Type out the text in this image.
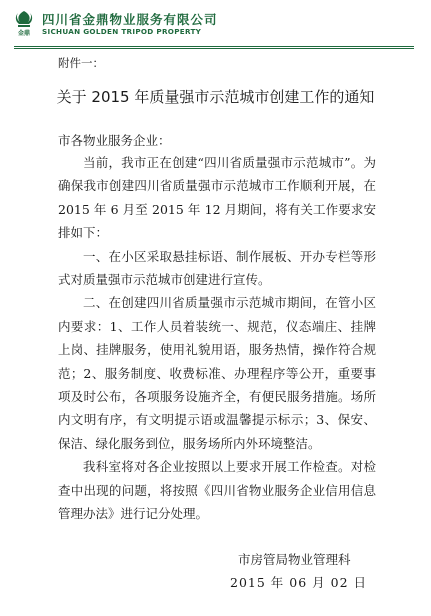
金鼎
四川省金鼎物业服务有限公司
SICHUAN GOLDEN TRIPOD PROPERTY
附件一：
关于 2015 年质量强市示范城市创建工作的通知
市各物业服务企业：

当前，我市正在创建“四川省质量强市示范城市”。为确保我市创建四川省质量强市示范城市工作顺利开展，在 2015 年 6 月至 2015 年 12 月期间，将有关工作要求安排如下：

一、在小区采取悬挂标语、制作展板、开办专栏等形式对质量强市示范城市创建进行宣传。

二、在创建四川省质量强市示范城市期间，在管小区内要求：1、工作人员着装统一、规范，仪态端庄、挂牌上岗、挂牌服务，使用礼貌用语，服务热情，操作符合规范；2、服务制度、收费标准、办理程序等公开，重要事项及时公布，各项服务设施齐全，有便民服务措施。场所内文明有序，有文明提示语或温馨提示标示；3、保安、保洁、绿化服务到位，服务场所内外环境整洁。

我科室将对各企业按照以上要求开展工作检查。对检查中出现的问题，将按照《四川省物业服务企业信用信息管理办法》进行记分处理。

市房管局物业管理科
2015 年 06 月 02 日
